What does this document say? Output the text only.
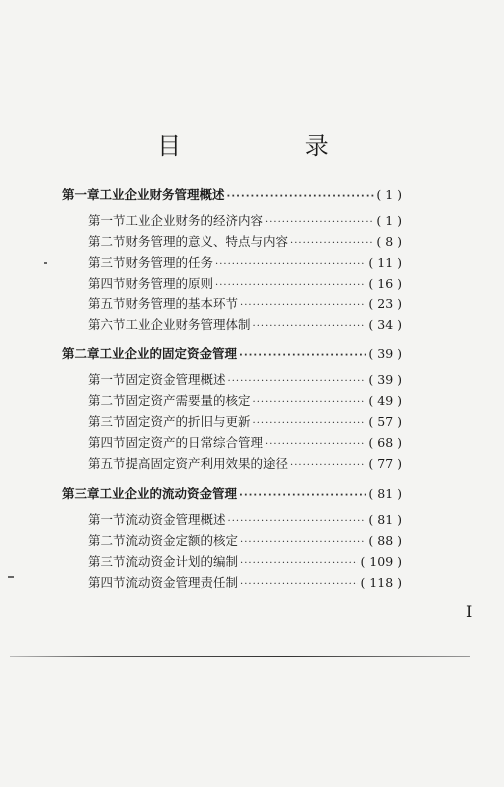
目 录
第一章 工业企业财务管理概述 ·····	( 1 )
第一节 工业企业财务的经济内容 ·····	( 1 )
第二节 财务管理的意义、特点与内容 ·····	( 8 )
第三节 财务管理的任务 ·····	( 11 )
第四节 财务管理的原则 ·····	( 16 )
第五节 财务管理的基本环节 ·····	( 23 )
第六节 工业企业财务管理体制 ·····	( 34 )
第二章 工业企业的固定资金管理 ·····	( 39 )
第一节 固定资金管理概述 ·····	( 39 )
第二节 固定资产需要量的核定 ·····	( 49 )
第三节 固定资产的折旧与更新 ·····	( 57 )
第四节 固定资产的日常综合管理 ·····	( 68 )
第五节 提高固定资产利用效果的途径 ·····	( 77 )
第三章 工业企业的流动资金管理 ·····	( 81 )
第一节 流动资金管理概述 ·····	( 81 )
第二节 流动资金定额的核定 ·····	( 88 )
第三节 流动资金计划的编制 ·····	( 109 )
第四节 流动资金管理责任制 ·····	( 118 )
I
